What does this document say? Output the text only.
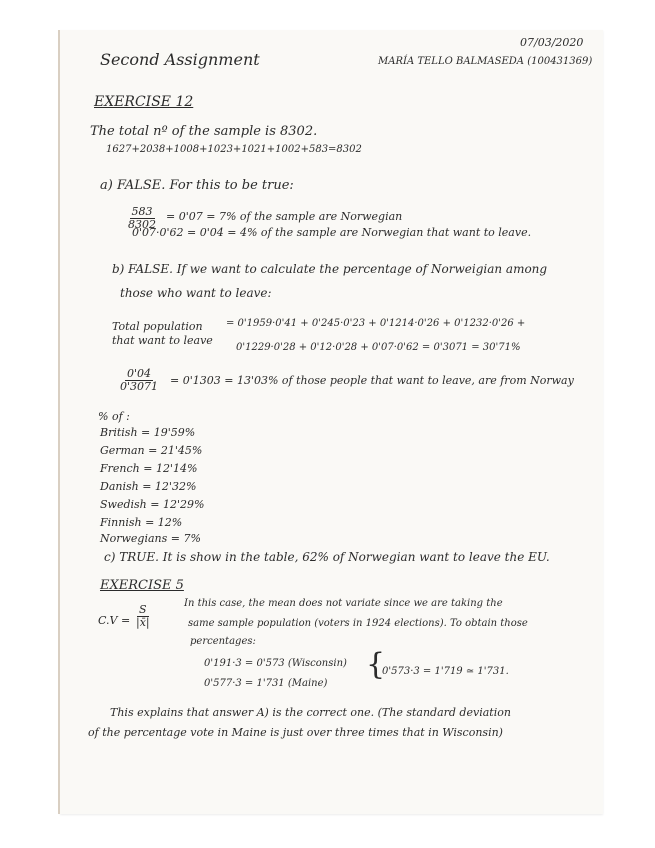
07/03/2020
Second Assignment	MARÍA TELLO BALMASEDA (100431369)
EXERCISE 12
The total nº of the sample is 8302.
1627+2038+1008+1023+1021+1002+583=8302
a) FALSE. For this to be true:
$\frac{583}{8302} = 0'07 = 7\%$ of the sample are Norwegian
0'07·0'62 = 0'04 = 4% of the sample are Norwegian that want to leave.
b) FALSE. If we want to calculate the percentage of Norweigian among
those who want to leave:
Total population
that want to leave
= 0'1959·0'41 + 0'245·0'23 + 0'1214·0'26 + 0'1232·0'26 +
0'1229·0'28 + 0'12·0'28 + 0'07·0'62 = 0'3071 = 30'71%
$\frac{0'04}{0'3071} = 0'1303 = 13'03\%$ of those people that want to leave, are from Norway
% of :
British = 19'59%
German = 21'45%
French = 12'14%
Danish = 12'32%
Swedish = 12'29%
Finnish = 12%
Norwegians = 7%
c) TRUE. It is show in the table, 62% of Norwegian want to leave the EU.
EXERCISE 5
$C.V = \frac{S}{|x̄|}$
In this case, the mean does not variate since we are taking the
same sample population (voters in 1924 elections). To obtain those
percentages:
0'191·3 = 0'573 (Wisconsin)
0'577·3 = 1'731 (Maine)
{
0'573·3 = 1'719 ≃ 1'731.
This explains that answer A) is the correct one. (The standard deviation
of the percentage vote in Maine is just over three times that in Wisconsin)
